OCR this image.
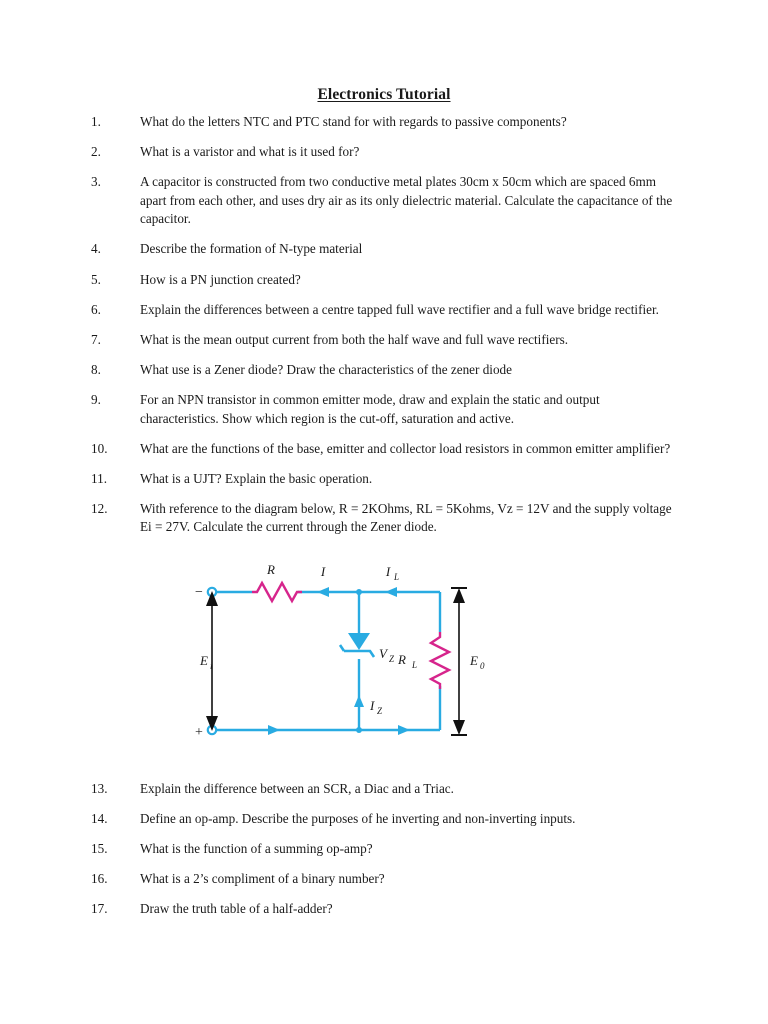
Electronics Tutorial
1.	What do the letters NTC and PTC stand for with regards to passive components?
2.	What is a varistor and what is it used for?
3.	A capacitor is constructed from two conductive metal plates 30cm x 50cm which are spaced 6mm apart from each other, and uses dry air as its only dielectric material. Calculate the capacitance of the capacitor.
4.	Describe the formation of N-type material
5.	How is a PN junction created?
6.	Explain the differences between a centre tapped full wave rectifier and a full wave bridge rectifier.
7.	What is the mean output current from both the half wave and full wave rectifiers.
8.	What use is a Zener diode? Draw the characteristics of the zener diode
9.	For an NPN transistor in common emitter mode, draw and explain the static and output characteristics. Show which region is the cut-off, saturation and active.
10.	What are the functions of the base, emitter and collector load resistors in common emitter amplifier?
11.	What is a UJT? Explain the basic operation.
12.	With reference to the diagram below, R = 2KOhms, RL = 5Kohms, Vz = 12V and the supply voltage Ei = 27V. Calculate the current through the Zener diode.
−
+
R
R L
V Z
I	I L
I Z
E i	E 0
13.	Explain the difference between an SCR, a Diac and a Triac.
14.	Define an op-amp. Describe the purposes of he inverting and non-inverting inputs.
15.	What is the function of a summing op-amp?
16.	What is a 2’s compliment of a binary number?
17.	Draw the truth table of a half-adder?
